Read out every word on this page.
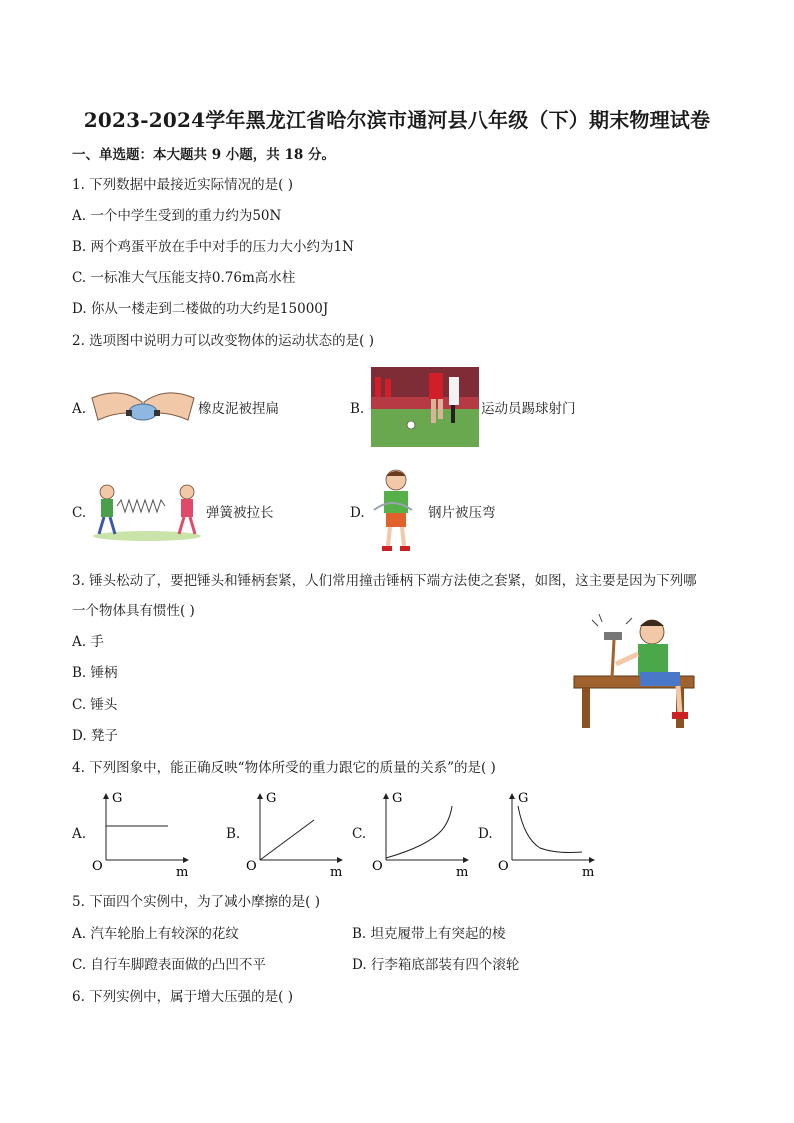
2023-2024学年黑龙江省哈尔滨市通河县八年级（下）期末物理试卷
一、单选题：本大题共 9 小题，共 18 分。
1. 下列数据中最接近实际情况的是( )
A. 一个中学生受到的重力约为50N
B. 两个鸡蛋平放在手中对手的压力大小约为1N
C. 一标准大气压能支持0.76m高水柱
D. 你从一楼走到二楼做的功大约是15000J
2. 选项图中说明力可以改变物体的运动状态的是( )
A.	橡皮泥被捏扁	B.	运动员踢球射门
C.	弹簧被拉长	D.	钢片被压弯
3. 锤头松动了，要把锤头和锤柄套紧，人们常用撞击锤柄下端方法使之套紧，如图，这主要是因为下列哪
一个物体具有惯性( )
A. 手
B. 锤柄
C. 锤头
D. 凳子
4. 下列图象中，能正确反映“物体所受的重力跟它的质量的关系”的是( )
A.	B.	C.	D.
G
O	m
G
O	m
G
O	m
G
O	m
5. 下面四个实例中，为了减小摩擦的是( )
A. 汽车轮胎上有较深的花纹	B. 坦克履带上有突起的棱
C. 自行车脚蹬表面做的凸凹不平	D. 行李箱底部装有四个滚轮
6. 下列实例中，属于增大压强的是( )
